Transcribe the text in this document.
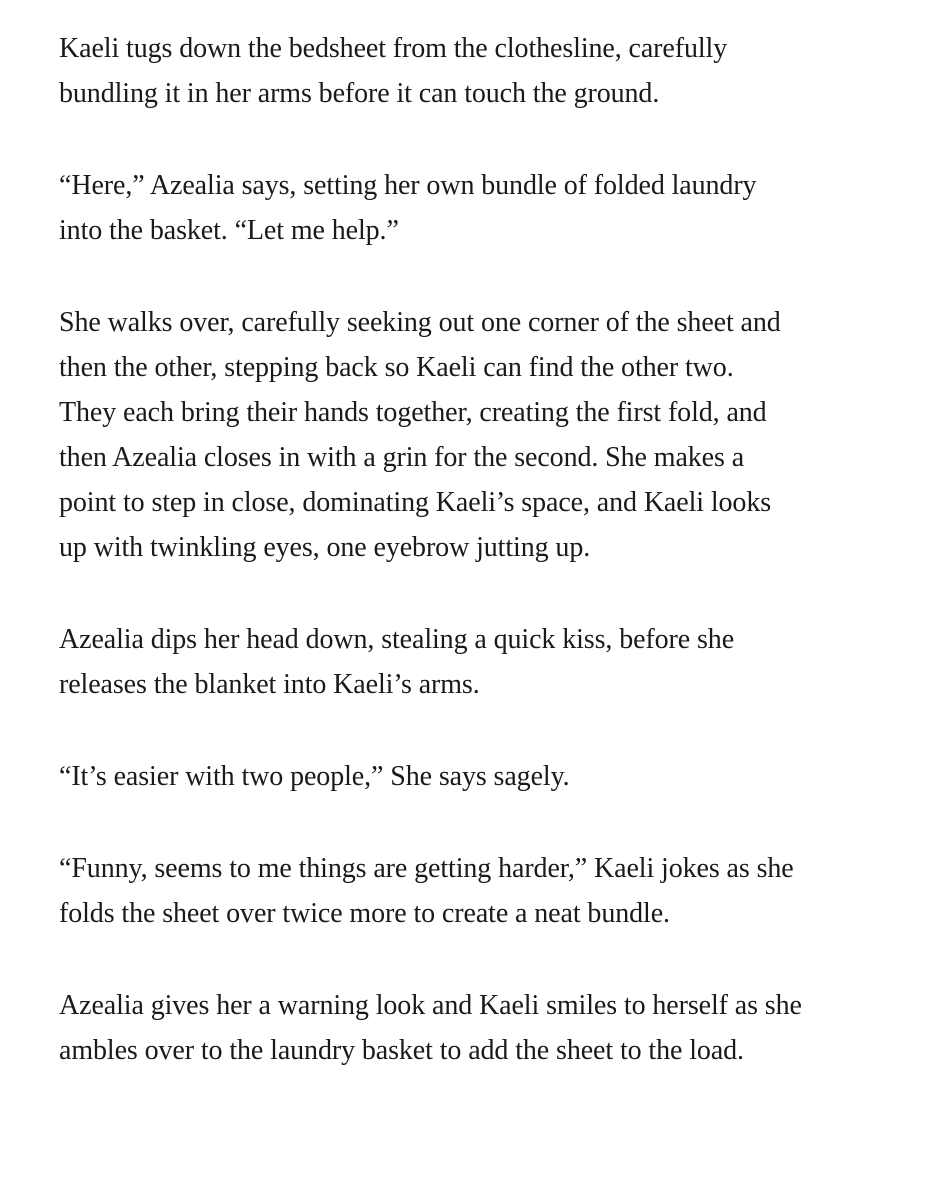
Kaeli tugs down the bedsheet from the clothesline, carefully
bundling it in her arms before it can touch the ground.

“Here,” Azealia says, setting her own bundle of folded laundry
into the basket. “Let me help.”

She walks over, carefully seeking out one corner of the sheet and
then the other, stepping back so Kaeli can find the other two.
They each bring their hands together, creating the first fold, and
then Azealia closes in with a grin for the second. She makes a
point to step in close, dominating Kaeli’s space, and Kaeli looks
up with twinkling eyes, one eyebrow jutting up.

Azealia dips her head down, stealing a quick kiss, before she
releases the blanket into Kaeli’s arms.

“It’s easier with two people,” She says sagely.

“Funny, seems to me things are getting harder,” Kaeli jokes as she
folds the sheet over twice more to create a neat bundle.

Azealia gives her a warning look and Kaeli smiles to herself as she
ambles over to the laundry basket to add the sheet to the load.
